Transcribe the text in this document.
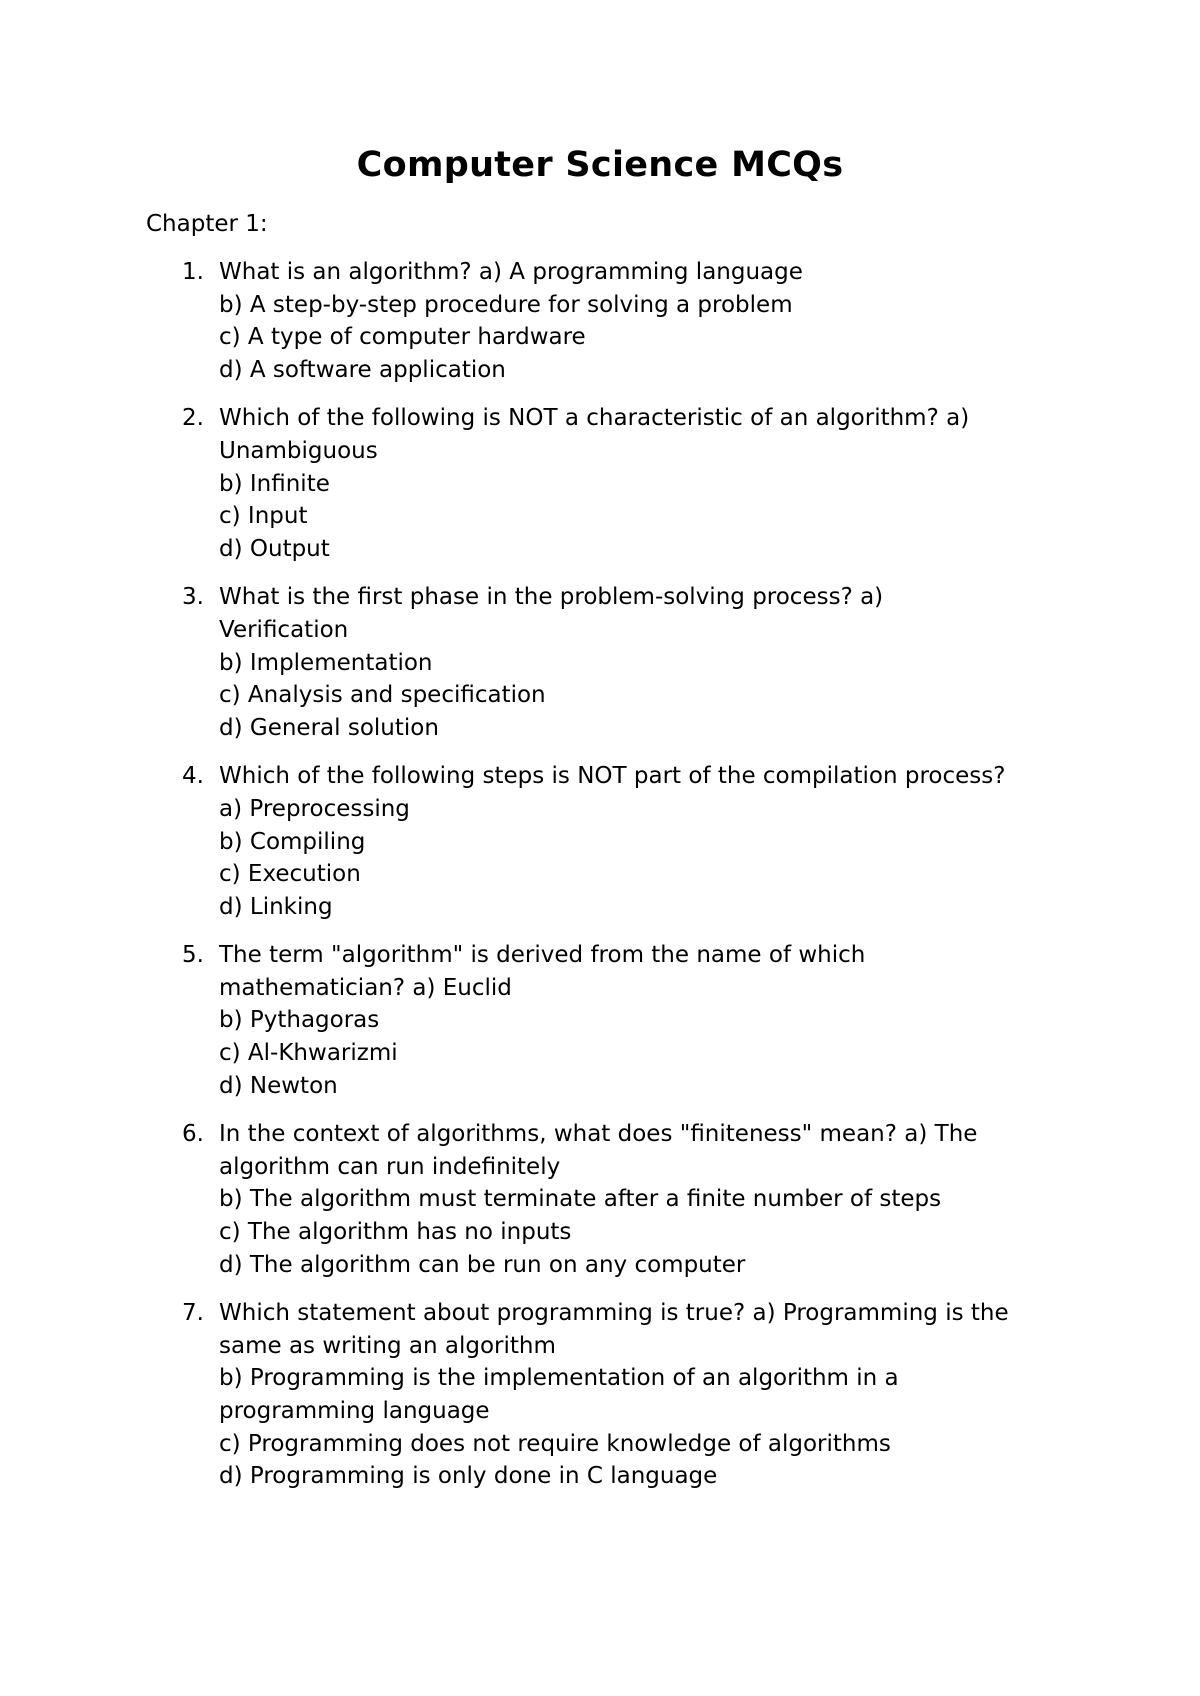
Computer Science MCQs
Chapter 1:
1. What is an algorithm? a) A programming language
b) A step-by-step procedure for solving a problem
c) A type of computer hardware
d) A software application
2. Which of the following is NOT a characteristic of an algorithm? a)
Unambiguous
b) Infinite
c) Input
d) Output
3. What is the first phase in the problem-solving process? a)
Verification
b) Implementation
c) Analysis and specification
d) General solution
4. Which of the following steps is NOT part of the compilation process?
a) Preprocessing
b) Compiling
c) Execution
d) Linking
5. The term "algorithm" is derived from the name of which
mathematician? a) Euclid
b) Pythagoras
c) Al-Khwarizmi
d) Newton
6. In the context of algorithms, what does "finiteness" mean? a) The
algorithm can run indefinitely
b) The algorithm must terminate after a finite number of steps
c) The algorithm has no inputs
d) The algorithm can be run on any computer
7. Which statement about programming is true? a) Programming is the
same as writing an algorithm
b) Programming is the implementation of an algorithm in a
programming language
c) Programming does not require knowledge of algorithms
d) Programming is only done in C language
